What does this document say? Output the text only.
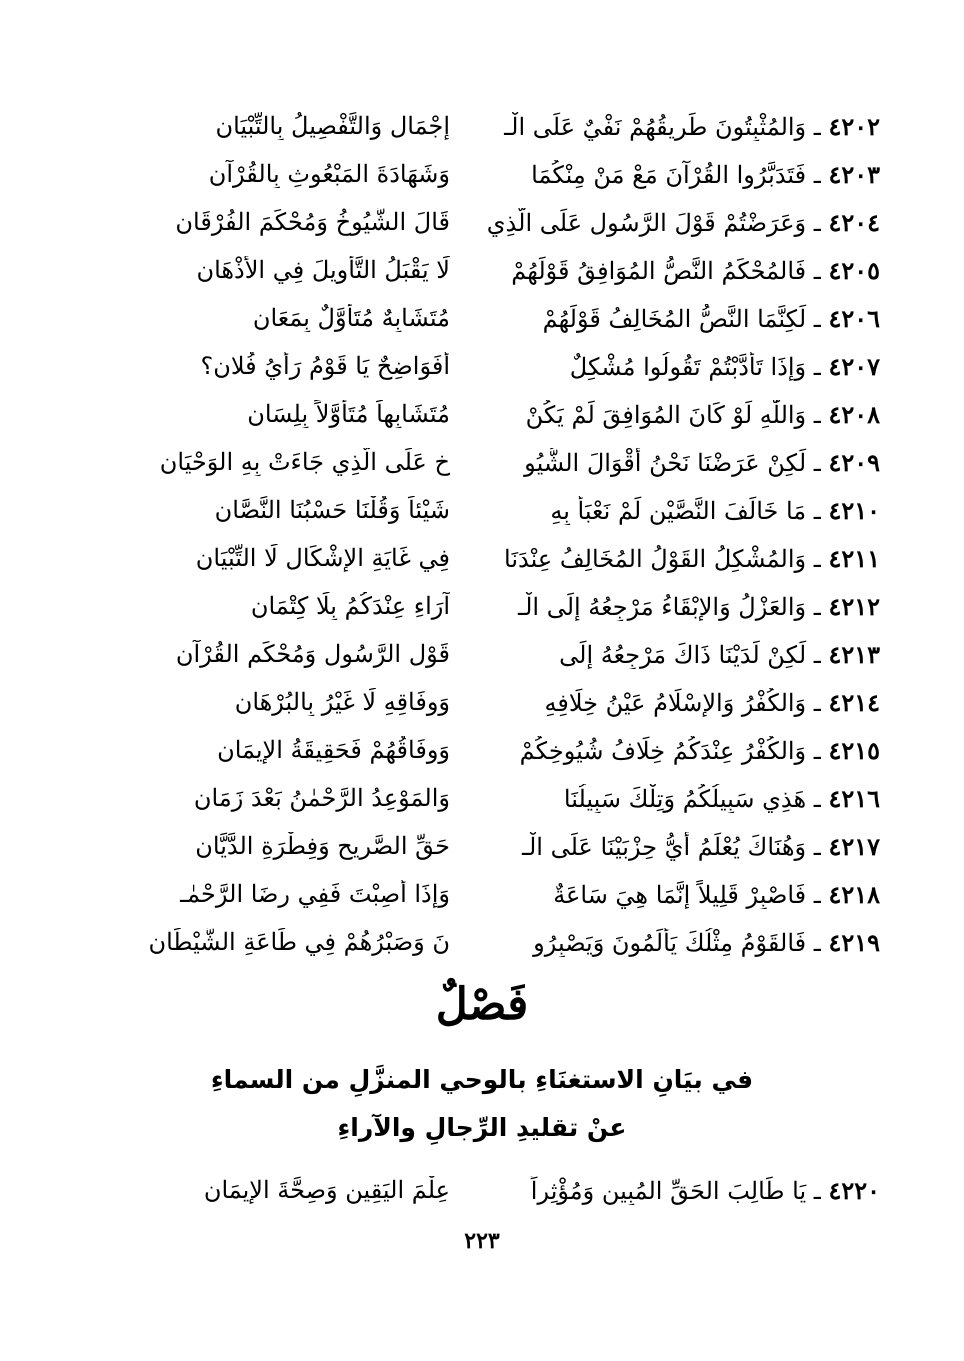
٤٢٠٢ ـ وَالمُثْبِتُونَ طَرِيقُهُمْ نَفْيٌ عَلَى الْـ
إجْمَالِ وَالتَّفْصِيلُ بِالتِّبْيَانِ
٤٢٠٣ ـ فَتَدَبَّرُوا القُرْآنَ مَعْ مَنْ مِنْكُمَا
وَشَهَادَةَ المَبْعُوثِ بِالقُرْآنِ
٤٢٠٤ ـ وَعَرَضْتُمْ قَوْلَ الرَّسُولِ عَلَى الَّذِي
قَالَ الشُّيُوخُ وَمُحْكَمَ الفُرْقَانِ
٤٢٠٥ ـ فَالمُحْكَمُ النَّصُّ المُوَافِقُ قَوْلَهُمْ
لَا يَقْبَلُ التَّأْوِيلَ فِي الأَذْهَانِ
٤٢٠٦ ـ لَكِنَّمَا النَّصُّ المُخَالِفُ قَوْلَهُمْ
مُتَشَابِهٌ مُتَأَوَّلٌ بِمَعَانِ
٤٢٠٧ ـ وَإِذَا تَأَدَّبْتُمْ تَقُولُوا مُشْكِلٌ
أَفَوَاضِحٌ يَا قَوْمُ رَأْيُ فُلانِ؟
٤٢٠٨ ـ وَاللّٰهِ لَوْ كَانَ المُوَافِقَ لَمْ يَكُنْ
مُتَشَابِهاً مُتَأَوَّلاً بِلِسَانِ
٤٢٠٩ ـ لَكِنْ عَرَضْنَا نَحْنُ أَقْوَالَ الشُّيُو
خِ عَلَى الَّذِي جَاءَتْ بِهِ الوَحْيَانِ
٤٢١٠ ـ مَا خَالَفَ النَّصَّيْنِ لَمْ نَعْبَأْ بِهِ
شَيْئاً وَقُلْنَا حَسْبُنَا النَّصَّانِ
٤٢١١ ـ وَالمُشْكِلُ القَوْلُ المُخَالِفُ عِنْدَنَا
فِي غَايَةِ الإِشْكَالِ لَا التِّبْيَانِ
٤٢١٢ ـ وَالعَزْلُ وَالإِبْقَاءُ مَرْجِعُهُ إِلَى الْـ
آرَاءِ عِنْدَكُمُ بِلَا كِتْمَانِ
٤٢١٣ ـ لَكِنْ لَدَيْنَا ذَاكَ مَرْجِعُهُ إِلَى
قَوْلِ الرَّسُولِ وَمُحْكَمِ القُرْآنِ
٤٢١٤ ـ وَالكُفْرُ وَالإِسْلَامُ عَيْنُ خِلَافِهِ
وَوِفَاقِهِ لَا غَيْرُ بِالبُرْهَانِ
٤٢١٥ ـ وَالكُفْرُ عِنْدَكُمُ خِلَافُ شُيُوخِكُمْ
وَوِفَاقُهُمْ فَحَقِيقَةُ الإِيمَانِ
٤٢١٦ ـ هَذِي سَبِيلُكُمُ وَتِلْكَ سَبِيلُنَا
وَالمَوْعِدُ الرَّحْمٰنُ بَعْدَ زَمَانِ
٤٢١٧ ـ وَهُنَاكَ يُعْلَمُ أَيُّ حِزْبَيْنَا عَلَى الْـ
حَقِّ الصَّرِيحِ وَفِطْرَةِ الدَّيَّانِ
٤٢١٨ ـ فَاصْبِرْ قَلِيلاً إِنَّمَا هِيَ سَاعَةٌ
وَإِذَا أُصِبْتَ فَفِي رِضَا الرَّحْمٰـ
٤٢١٩ ـ فَالقَوْمُ مِثْلُكَ يَأْلَمُونَ وَيَصْبِرُو
نَ وَصَبْرُهُمْ فِي طَاعَةِ الشَّيْطَانِ
فَصْلٌ
في بيَانِ الاستغنَاءِ بالوحي المنزَّلِ من السماءِ
عنْ تقليدِ الرِّجالِ والآراءِ
٤٢٢٠ ـ يَا طَالِبَ الحَقِّ المُبِينِ وَمُؤْثِراً
عِلْمَ اليَقِينِ وَصِحَّةَ الإِيمَانِ
٢٢٣
